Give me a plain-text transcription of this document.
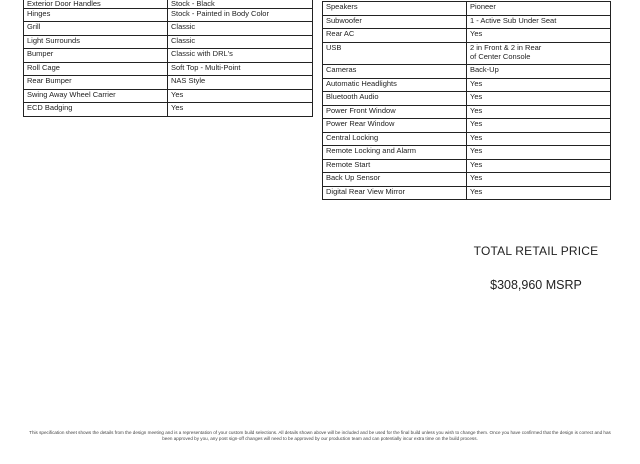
Exterior Door Handles	Stock - Black
Hinges	Stock - Painted in Body Color
Grill	Classic
Light Surrounds	Classic
Bumper	Classic with DRL's
Roll Cage	Soft Top - Multi-Point
Rear Bumper	NAS Style
Swing Away Wheel Carrier	Yes
ECD Badging	Yes
Speakers	Pioneer
Subwoofer	1 - Active Sub Under Seat
Rear AC	Yes
USB	2 in Front & 2 in Rear
of Center Console

Cameras	Back-Up
Automatic Headlights	Yes
Bluetooth Audio	Yes
Power Front Window	Yes
Power Rear Window	Yes
Central Locking	Yes
Remote Locking and Alarm	Yes
Remote Start	Yes
Back Up Sensor	Yes
Digital Rear View Mirror	Yes
TOTAL RETAIL PRICE
$308,960 MSRP
This specification sheet shows the details from the design meeting and is a representation of your custom build selections. All details shown above will be included and be used for the final build unless you wish to change them. Once you have confirmed that the design is correct and has been approved by you, any post sign-off changes will need to be approved by our production team and can potentially incur extra time on the build process.
